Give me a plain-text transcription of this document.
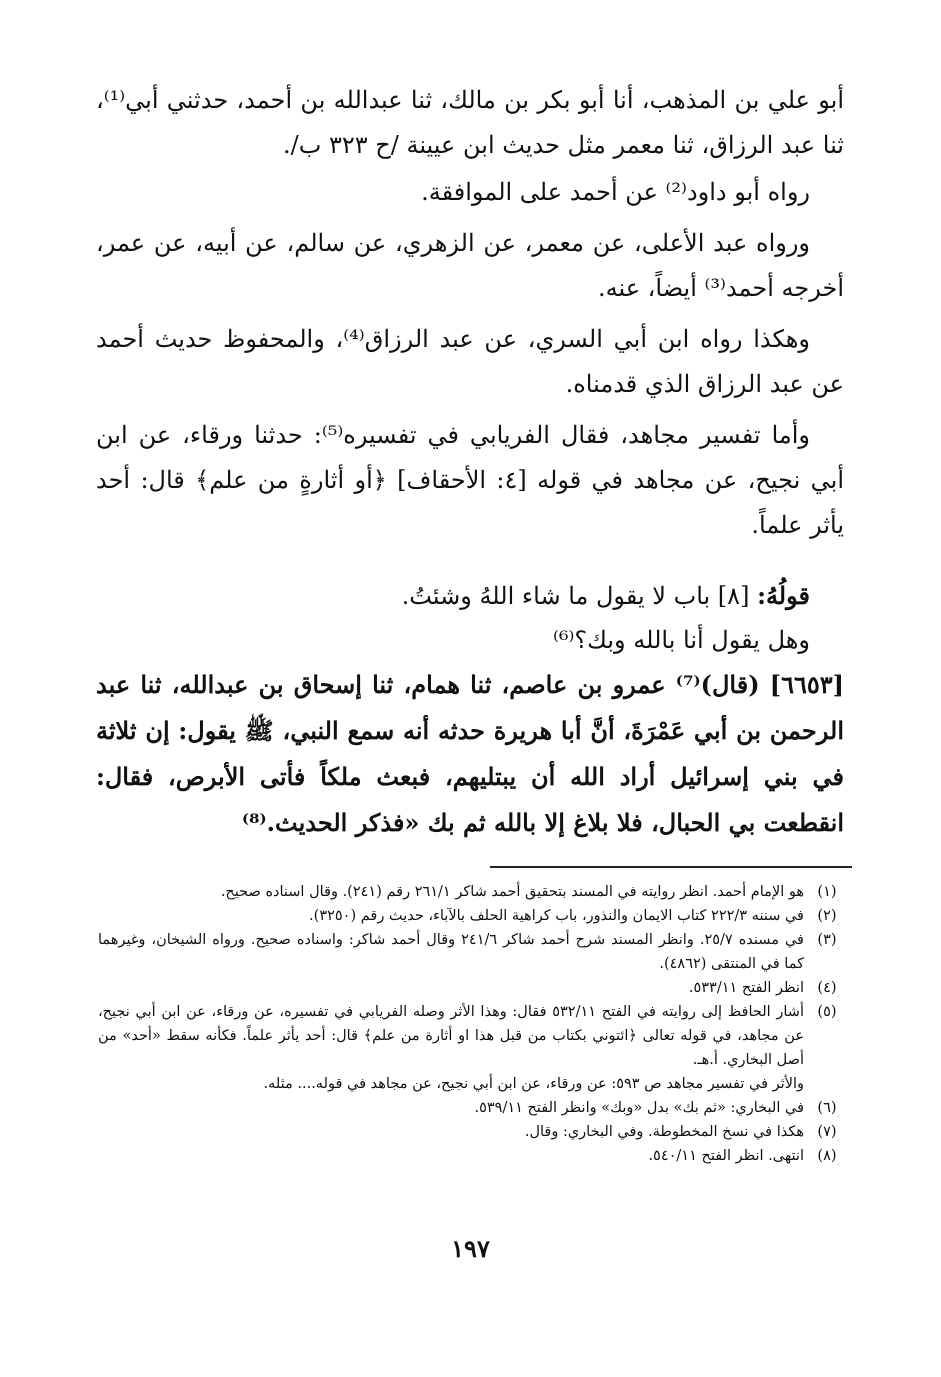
أبو علي بن المذهب، أنا أبو بكر بن مالك، ثنا عبدالله بن أحمد، حدثني أبي⁽¹⁾، ثنا عبد الرزاق، ثنا معمر مثل حديث ابن عيينة /ح ٣٢٣ ب/.

رواه أبو داود⁽²⁾ عن أحمد على الموافقة.

ورواه عبد الأعلى، عن معمر، عن الزهري، عن سالم، عن أبيه، عن عمر، أخرجه أحمد⁽³⁾ أيضاً، عنه.

وهكذا رواه ابن أبي السري، عن عبد الرزاق⁽⁴⁾، والمحفوظ حديث أحمد عن عبد الرزاق الذي قدمناه.

وأما تفسير مجاهد، فقال الفريابي في تفسيره⁽⁵⁾: حدثنا ورقاء، عن ابن أبي نجيح، عن مجاهد في قوله [٤: الأحقاف] ﴿أو أثارةٍ من علم﴾ قال: أحد يأثر علماً.

قولُهُ: [٨] باب لا يقول ما شاء اللهُ وشئتُ.
وهل يقول أنا بالله وبك؟⁽⁶⁾

[٦٦٥٣] (قال)⁽⁷⁾ عمرو بن عاصم، ثنا همام، ثنا إسحاق بن عبدالله، ثنا عبد الرحمن بن أبي عَمْرَةَ، أنَّ أبا هريرة حدثه أنه سمع النبي، ﷺ يقول: إن ثلاثة في بني إسرائيل أراد الله أن يبتليهم، فبعث ملكاً فأتى الأبرص، فقال: انقطعت بي الحبال، فلا بلاغ إلا بالله ثم بك «فذكر الحديث.⁽⁸⁾

(١)
هو الإمام أحمد. انظر روايته في المسند بتحقيق أحمد شاكر ٢٦١/١ رقم (٢٤١). وقال اسناده صحيح.
(٢)
في سننه ٢٢٢/٣ كتاب الايمان والنذور، باب كراهية الحلف بالآباء، حديث رقم (٣٢٥٠).
(٣)
في مسنده ٢٥/٧. وانظر المسند شرح أحمد شاكر ٢٤١/٦ وقال أحمد شاكر: واسناده صحيح. ورواه الشيخان، وغيرهما كما في المنتقى (٤٨٦٢).
(٤)
انظر الفتح ٥٣٣/١١.
(٥)
أشار الحافظ إلى روايته في الفتح ٥٣٢/١١ فقال: وهذا الأثر وصله الفريابي في تفسيره، عن ورقاء، عن ابن أبي نجيح، عن مجاهد، في قوله تعالى ﴿ائتوني بكتاب من قبل هذا او أثارة من علم﴾ قال: أحد يأثر علماً. فكأنه سقط «أحد» من أصل البخاري. أ.هـ.
والأثر في تفسير مجاهد ص ٥٩٣: عن ورقاء، عن ابن أبي نجيح، عن مجاهد في قوله.... مثله.
(٦)
في البخاري: «ثم بك» بدل «وبك» وانظر الفتح ٥٣٩/١١.
(٧)
هكذا في نسخ المخطوطة. وفي البخاري: وقال.
(٨)
انتهى. انظر الفتح ٥٤٠/١١.
١٩٧
